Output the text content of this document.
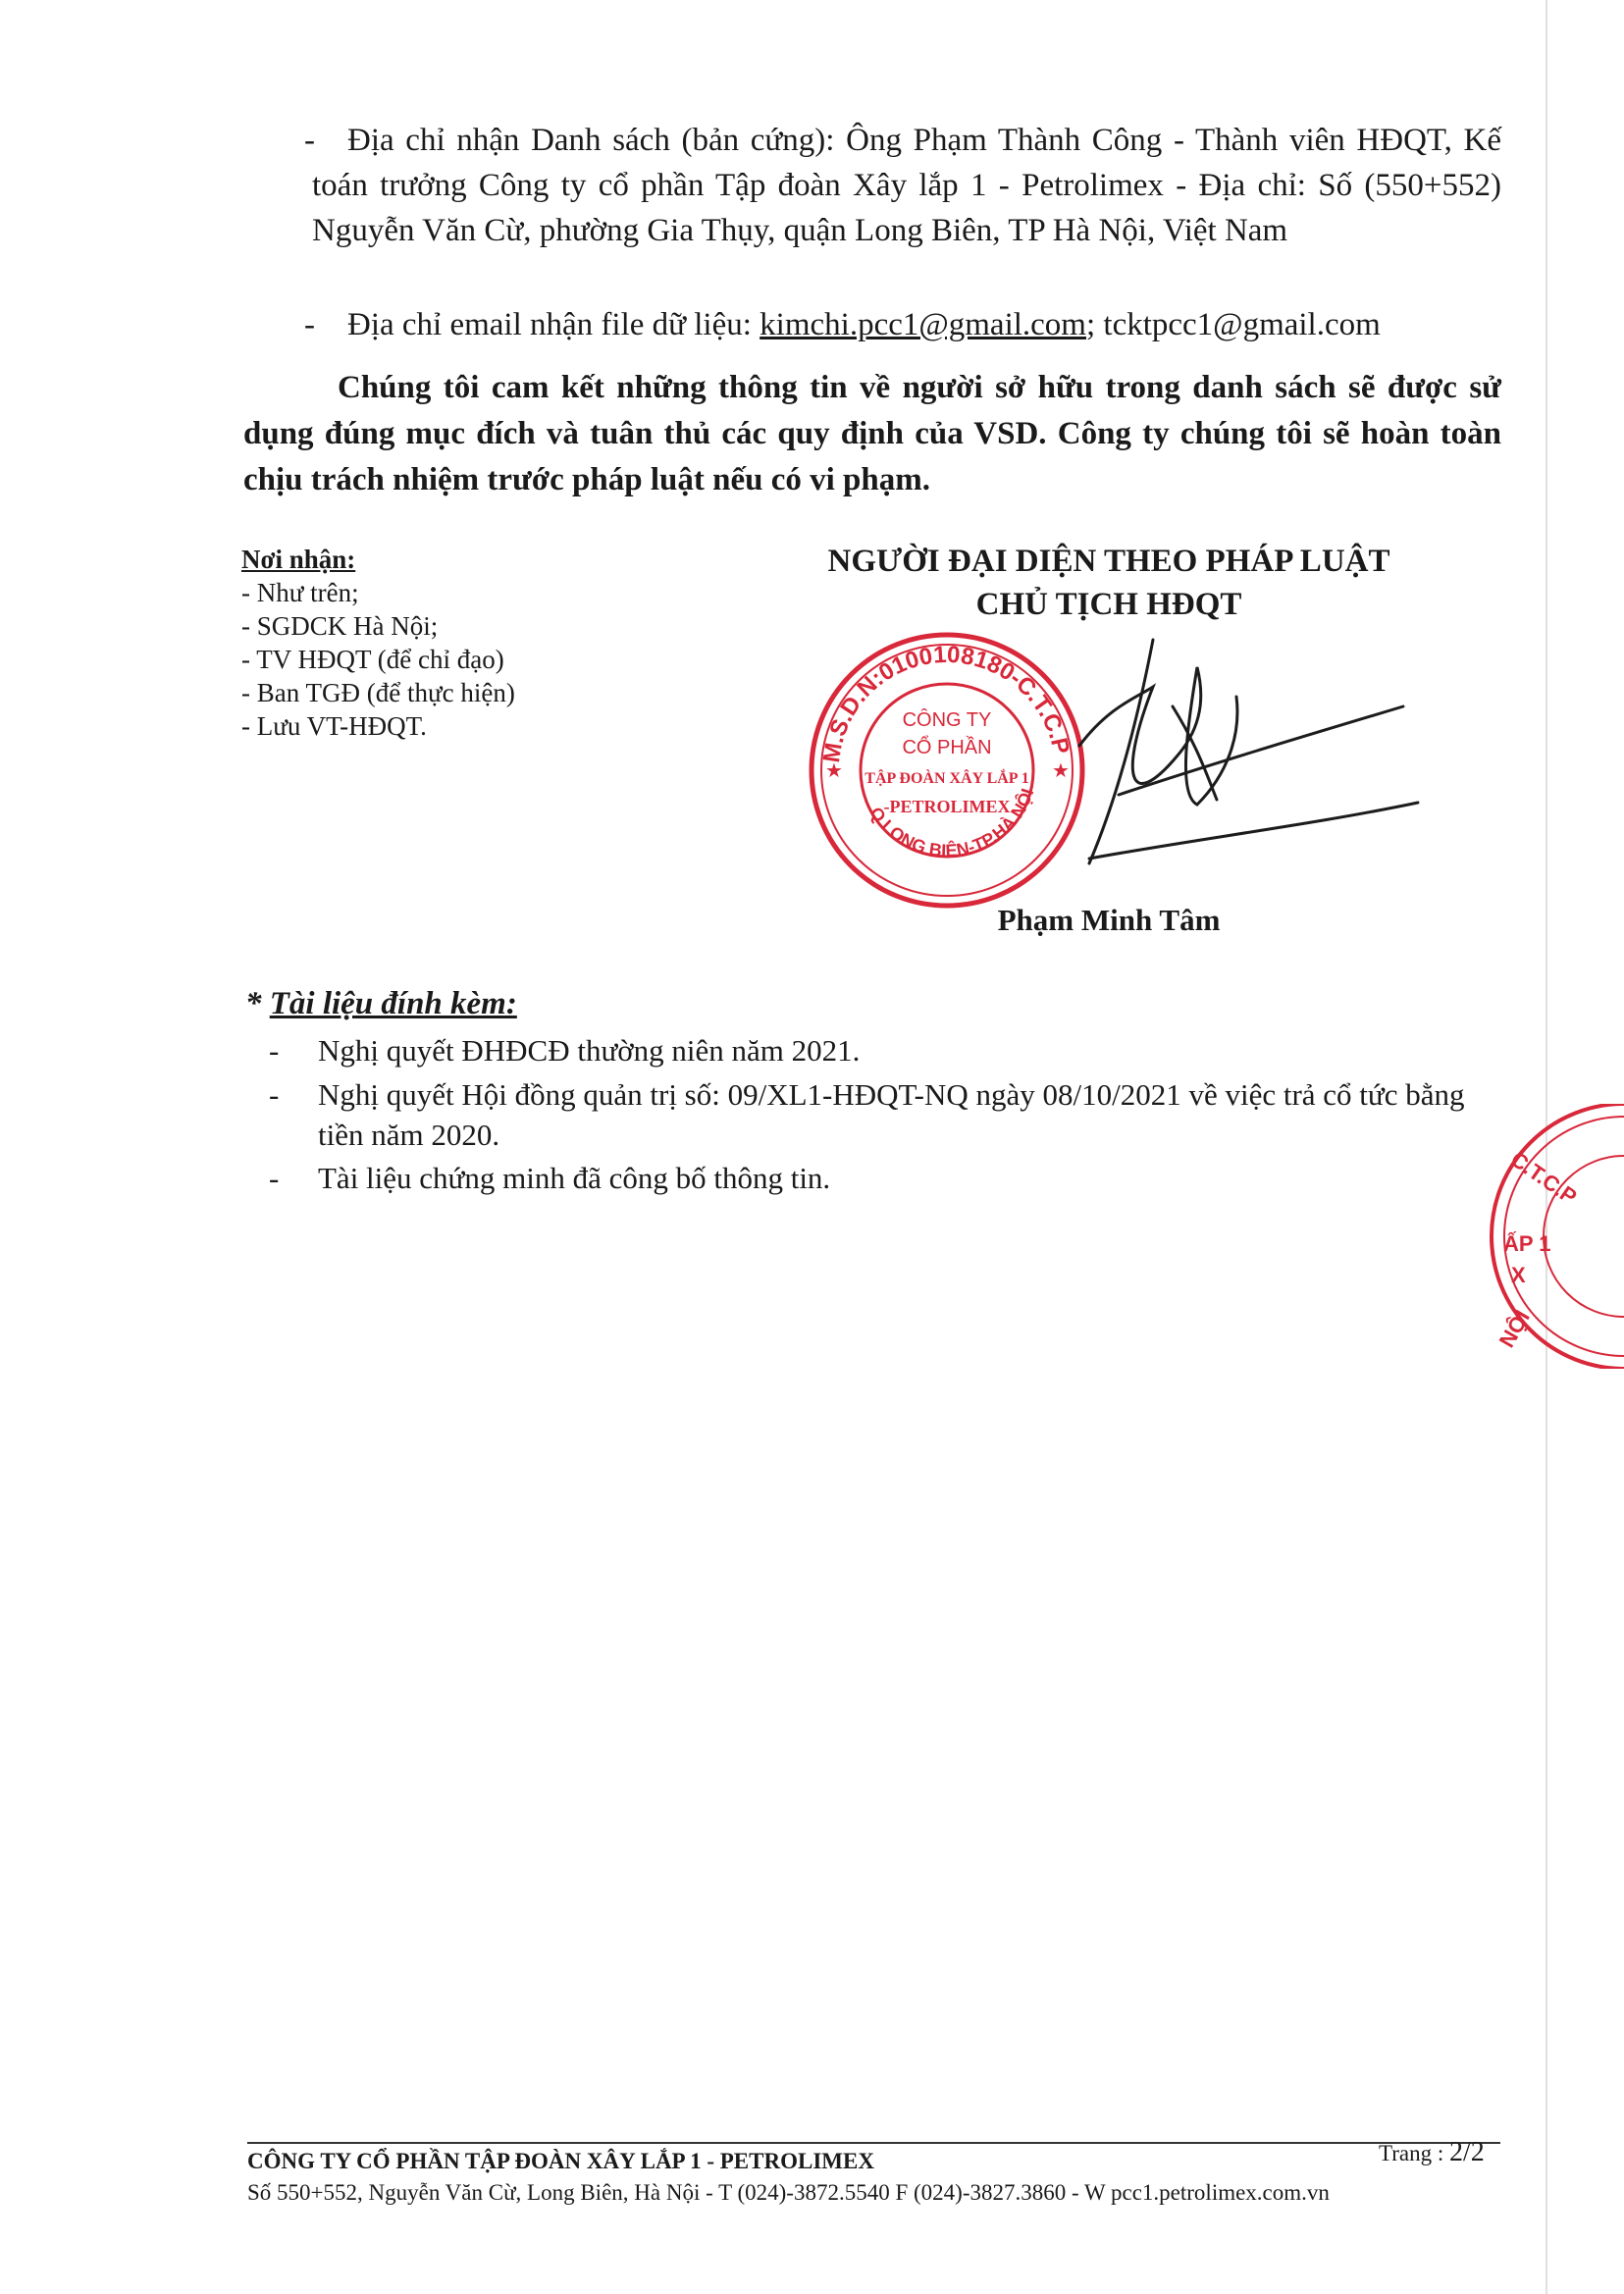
- Địa chỉ nhận Danh sách (bản cứng): Ông Phạm Thành Công - Thành viên HĐQT, Kế toán trưởng Công ty cổ phần Tập đoàn Xây lắp 1 - Petrolimex - Địa chỉ: Số (550+552) Nguyễn Văn Cừ, phường Gia Thụy, quận Long Biên, TP Hà Nội, Việt Nam
- Địa chỉ email nhận file dữ liệu: kimchi.pcc1@gmail.com; tcktpcc1@gmail.com
Chúng tôi cam kết những thông tin về người sở hữu trong danh sách sẽ được sử dụng đúng mục đích và tuân thủ các quy định của VSD. Công ty chúng tôi sẽ hoàn toàn chịu trách nhiệm trước pháp luật nếu có vi phạm.
Nơi nhận:
- Như trên;
- SGDCK Hà Nội;
- TV HĐQT (để chỉ đạo)
- Ban TGĐ (để thực hiện)
- Lưu VT-HĐQT.
NGƯỜI ĐẠI DIỆN THEO PHÁP LUẬT
CHỦ TỊCH HĐQT
M.S.D.N:0100108180-C.T.C.P
Q.LONG BIÊN-TP.HÀ NỘI
★	★
CÔNG TY
CỔ PHẦN
TẬP ĐOÀN XÂY LẮP 1
-PETROLIMEX
Phạm Minh Tâm
* Tài liệu đính kèm:
- Nghị quyết ĐHĐCĐ thường niên năm 2021.
- Nghị quyết Hội đồng quản trị số: 09/XL1-HĐQT-NQ ngày 08/10/2021 về việc trả cổ tức bằng tiền năm 2020.
- Tài liệu chứng minh đã công bố thông tin.	C.T.C.P
ẤP 1
X
NỘI
CÔNG TY CỔ PHẦN TẬP ĐOÀN XÂY LẮP 1 - PETROLIMEX	Trang : 2/2
Số 550+552, Nguyễn Văn Cừ, Long Biên, Hà Nội - T (024)-3872.5540 F (024)-3827.3860 - W pcc1.petrolimex.com.vn
